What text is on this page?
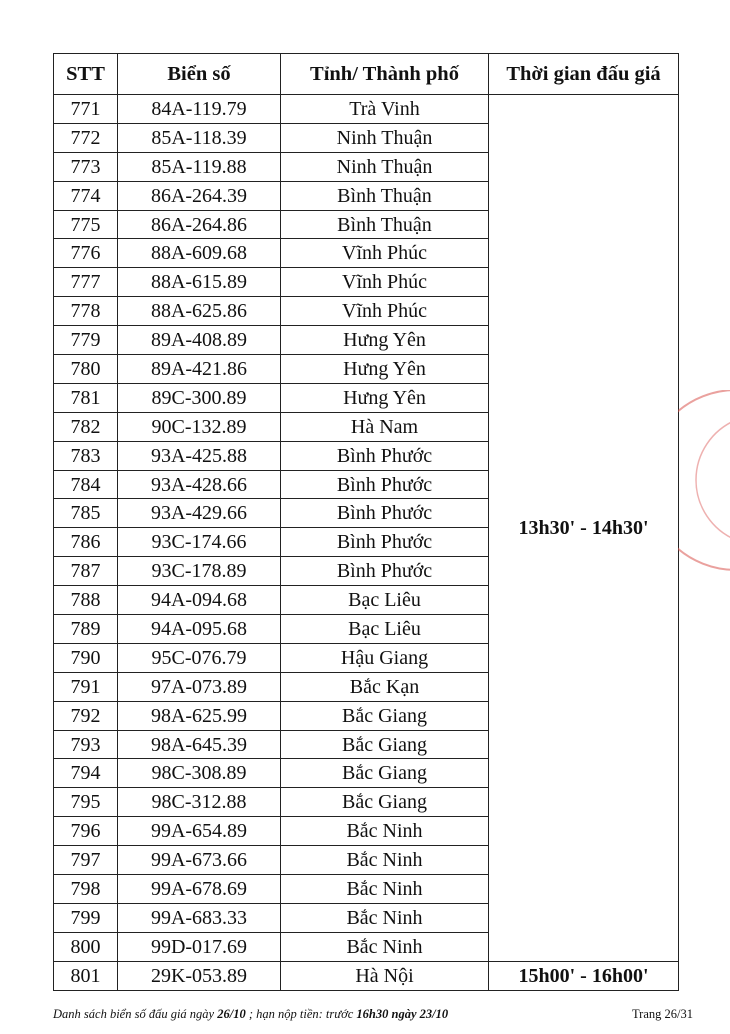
STT	Biển số	Tỉnh/ Thành phố	Thời gian đấu giá
771	84A-119.79	Trà Vinh	13h30' - 14h30'
772	85A-118.39	Ninh Thuận	
773	85A-119.88	Ninh Thuận	
774	86A-264.39	Bình Thuận	
775	86A-264.86	Bình Thuận	
776	88A-609.68	Vĩnh Phúc	
777	88A-615.89	Vĩnh Phúc	
778	88A-625.86	Vĩnh Phúc	
779	89A-408.89	Hưng Yên	
780	89A-421.86	Hưng Yên	
781	89C-300.89	Hưng Yên	
782	90C-132.89	Hà Nam	
783	93A-425.88	Bình Phước	
784	93A-428.66	Bình Phước	
785	93A-429.66	Bình Phước	
786	93C-174.66	Bình Phước	
787	93C-178.89	Bình Phước	
788	94A-094.68	Bạc Liêu	
789	94A-095.68	Bạc Liêu	
790	95C-076.79	Hậu Giang	
791	97A-073.89	Bắc Kạn	
792	98A-625.99	Bắc Giang	
793	98A-645.39	Bắc Giang	
794	98C-308.89	Bắc Giang	
795	98C-312.88	Bắc Giang	
796	99A-654.89	Bắc Ninh	
797	99A-673.66	Bắc Ninh	
798	99A-678.69	Bắc Ninh	
799	99A-683.33	Bắc Ninh	
800	99D-017.69	Bắc Ninh	
801	29K-053.89	Hà Nội	15h00' - 16h00'
Danh sách biển số đấu giá ngày 26/10 ; hạn nộp tiền: trước 16h30 ngày 23/10	Trang 26/31
